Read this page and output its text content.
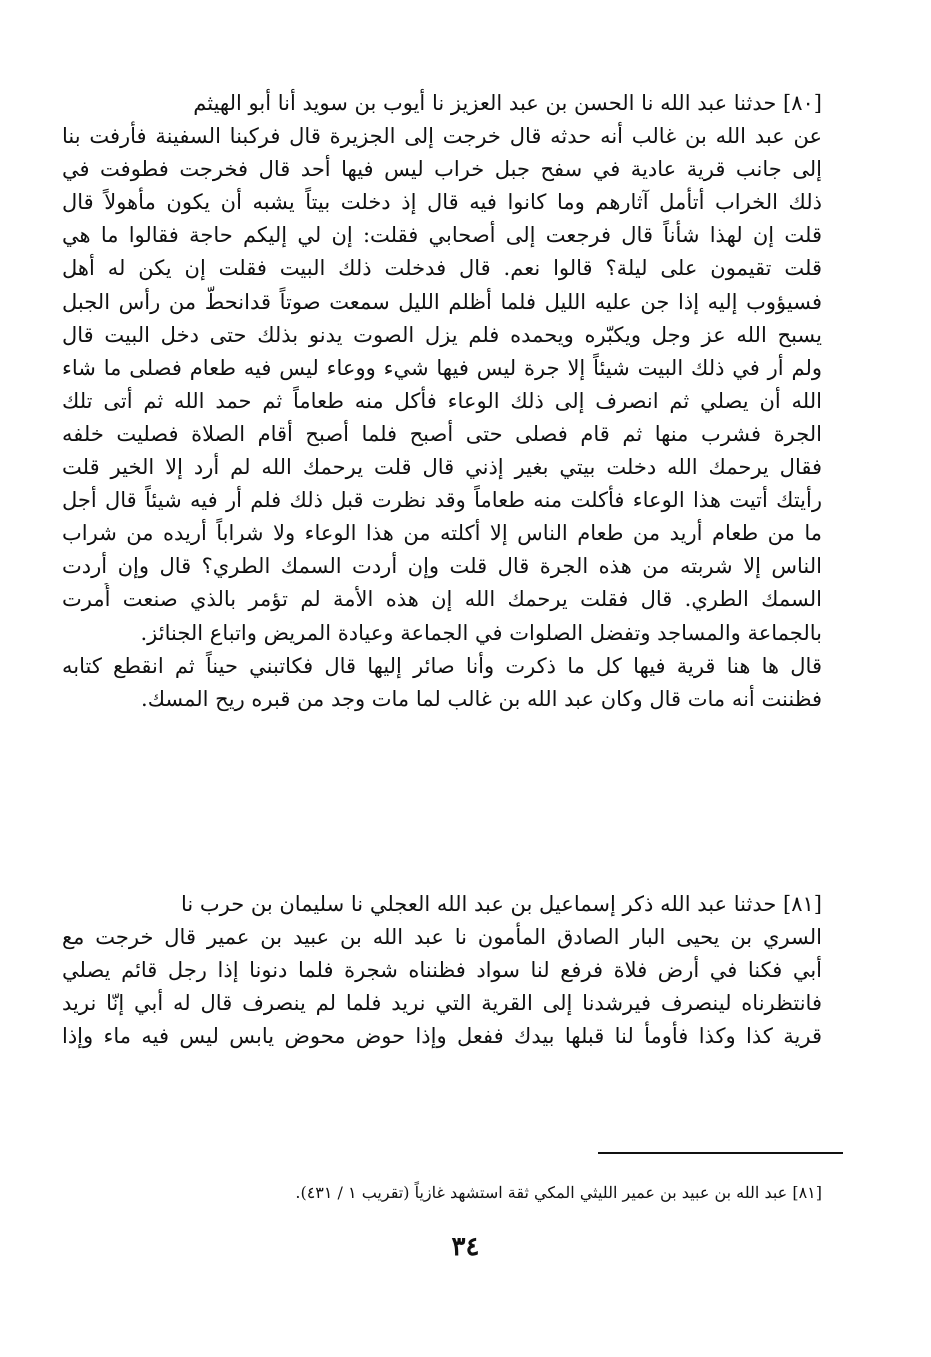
[٨٠] حدثنا عبد الله نا الحسن بن عبد العزيز نا أيوب بن سويد أنا أبو الهيثم
عن عبد الله بن غالب أنه حدثه قال خرجت إلى الجزيرة قال فركبنا السفينة فأرفت بنا
إلى جانب قرية عادية في سفح جبل خراب ليس فيها أحد قال فخرجت فطوفت في
ذلك الخراب أتأمل آثارهم وما كانوا فيه قال إذ دخلت بيتاً يشبه أن يكون مأهولاً قال
قلت إن لهذا شأناً قال فرجعت إلى أصحابي فقلت: إن لي إليكم حاجة فقالوا ما هي
قلت تقيمون على ليلة؟ قالوا نعم. قال فدخلت ذلك البيت فقلت إن يكن له أهل
فسيؤوب إليه إذا جن عليه الليل فلما أظلم الليل سمعت صوتاً قدانحطّ من رأس الجبل
يسبح الله عز وجل ويكبّره ويحمده فلم يزل الصوت يدنو بذلك حتى دخل البيت قال
ولم أر في ذلك البيت شيئاً إلا جرة ليس فيها شيء ووعاء ليس فيه طعام فصلى ما شاء
الله أن يصلي ثم انصرف إلى ذلك الوعاء فأكل منه طعاماً ثم حمد الله ثم أتى تلك
الجرة فشرب منها ثم قام فصلى حتى أصبح فلما أصبح أقام الصلاة فصليت خلفه
فقال يرحمك الله دخلت بيتي بغير إذني قال قلت يرحمك الله لم أرد إلا الخير قلت
رأيتك أتيت هذا الوعاء فأكلت منه طعاماً وقد نظرت قبل ذلك فلم أر فيه شيئاً قال أجل
ما من طعام أريد من طعام الناس إلا أكلته من هذا الوعاء ولا شراباً أريده من شراب
الناس إلا شربته من هذه الجرة قال قلت وإن أردت السمك الطري؟ قال وإن أردت
السمك الطري. قال فقلت يرحمك الله إن هذه الأمة لم تؤمر بالذي صنعت أُمرت
بالجماعة والمساجد وتفضل الصلوات في الجماعة وعيادة المريض واتباع الجنائز.
قال ها هنا قرية فيها كل ما ذكرت وأنا صائر إليها قال فكاتبني حيناً ثم انقطع كتابه
فظننت أنه مات قال وكان عبد الله بن غالب لما مات وجد من قبره ريح المسك.
[٨١] حدثنا عبد الله ذكر إسماعيل بن عبد الله العجلي نا سليمان بن حرب نا
السري بن يحيى البار الصادق المأمون نا عبد الله بن عبيد بن عمير قال خرجت مع
أبي فكنا في أرض فلاة فرفع لنا سواد فظنناه شجرة فلما دنونا إذا رجل قائم يصلي
فانتظرناه لينصرف فيرشدنا إلى القرية التي نريد فلما لم ينصرف قال له أبي إنّا نريد
قرية كذا وكذا فأومأ لنا قبلها بيدك ففعل وإذا حوض محوض يابس ليس فيه ماء وإذا
[٨١] عبد الله بن عبيد بن عمير الليثي المكي ثقة استشهد غازياً (تقريب ١ / ٤٣١).
٣٤
